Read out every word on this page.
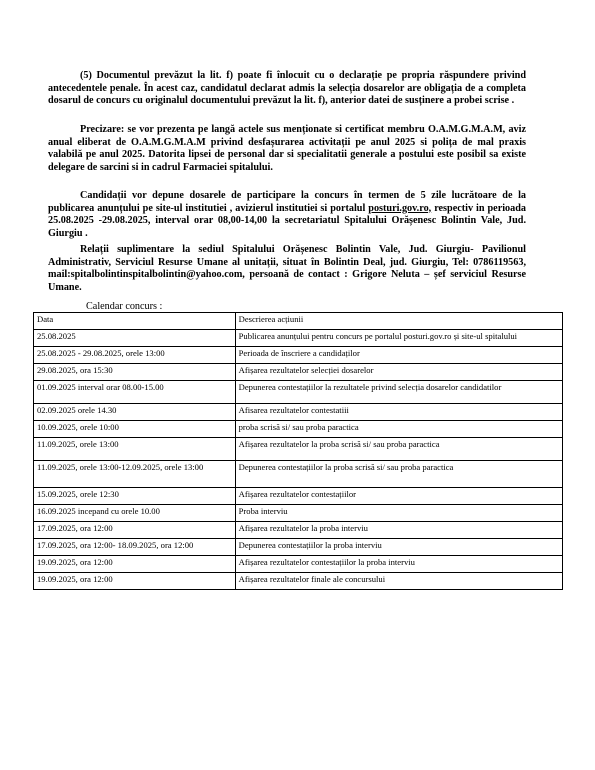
(5) Documentul prevăzut la lit. f) poate fi înlocuit cu o declarație pe propria răspundere privind antecedentele penale. În acest caz, candidatul declarat admis la selecția dosarelor are obligația de a completa dosarul de concurs cu originalul documentului prevăzut la lit. f), anterior datei de susținere a probei scrise .

Precizare: se vor prezenta pe langă actele sus menționate si certificat membru O.A.M.G.M.A.M, aviz anual eliberat de O.A.M.G.M.A.M privind desfașurarea activitații pe anul 2025 si polița de mal praxis valabilă pe anul 2025. Datorita lipsei de personal dar si specialitatii generale a postului este posibil sa existe delegare de sarcini si in cadrul Farmaciei spitalului.

Candidații vor depune dosarele de participare la concurs în termen de 5 zile lucrătoare de la publicarea anunțului pe site-ul institutiei , avizierul institutiei si portalul posturi.gov.ro, respectiv in perioada 25.08.2025 -29.08.2025, interval orar 08,00-14,00 la secretariatul Spitalului Orășenesc Bolintin Vale, Jud. Giurgiu .

Relații suplimentare la sediul Spitalului Orășenesc Bolintin Vale, Jud. Giurgiu- Pavilionul Administrativ, Serviciul Resurse Umane al unitații, situat în Bolintin Deal, jud. Giurgiu, Tel: 0786119563, mail:spitalbolintinspitalbolintin@yahoo.com, persoană de contact : Grigore Neluta – șef serviciul Resurse Umane.

Calendar concurs :
Data	Descrierea acțiunii
25.08.2025	Publicarea anunțului pentru concurs pe portalul posturi.gov.ro și site-ul spitalului
25.08.2025 - 29.08.2025, orele 13:00	Perioada de înscriere a candidaților
29.08.2025, ora 15:30	Afișarea rezultatelor selecției dosarelor
01.09.2025 interval orar 08.00-15.00	Depunerea contestațiilor la rezultatele privind selecția dosarelor candidatilor
02.09.2025 orele 14.30	Afisarea rezultatelor contestatiii
10.09.2025, orele 10:00	proba scrisă si/ sau proba paractica
11.09.2025, orele 13:00	Afișarea rezultatelor la proba scrisă si/ sau proba paractica
11.09.2025, orele 13:00-12.09.2025, orele 13:00	Depunerea contestațiilor la proba scrisă si/ sau proba paractica
15.09.2025, orele 12:30	Afișarea rezultatelor contestațiilor
16.09.2025 incepand cu orele 10.00	Proba interviu
17.09.2025, ora 12:00	Afișarea rezultatelor la proba interviu
17.09.2025, ora 12:00- 18.09.2025, ora 12:00	Depunerea contestațiilor la proba interviu
19.09.2025, ora 12:00	Afișarea rezultatelor contestațiilor la proba interviu
19.09.2025, ora 12:00	Afișarea rezultatelor finale ale concursului
